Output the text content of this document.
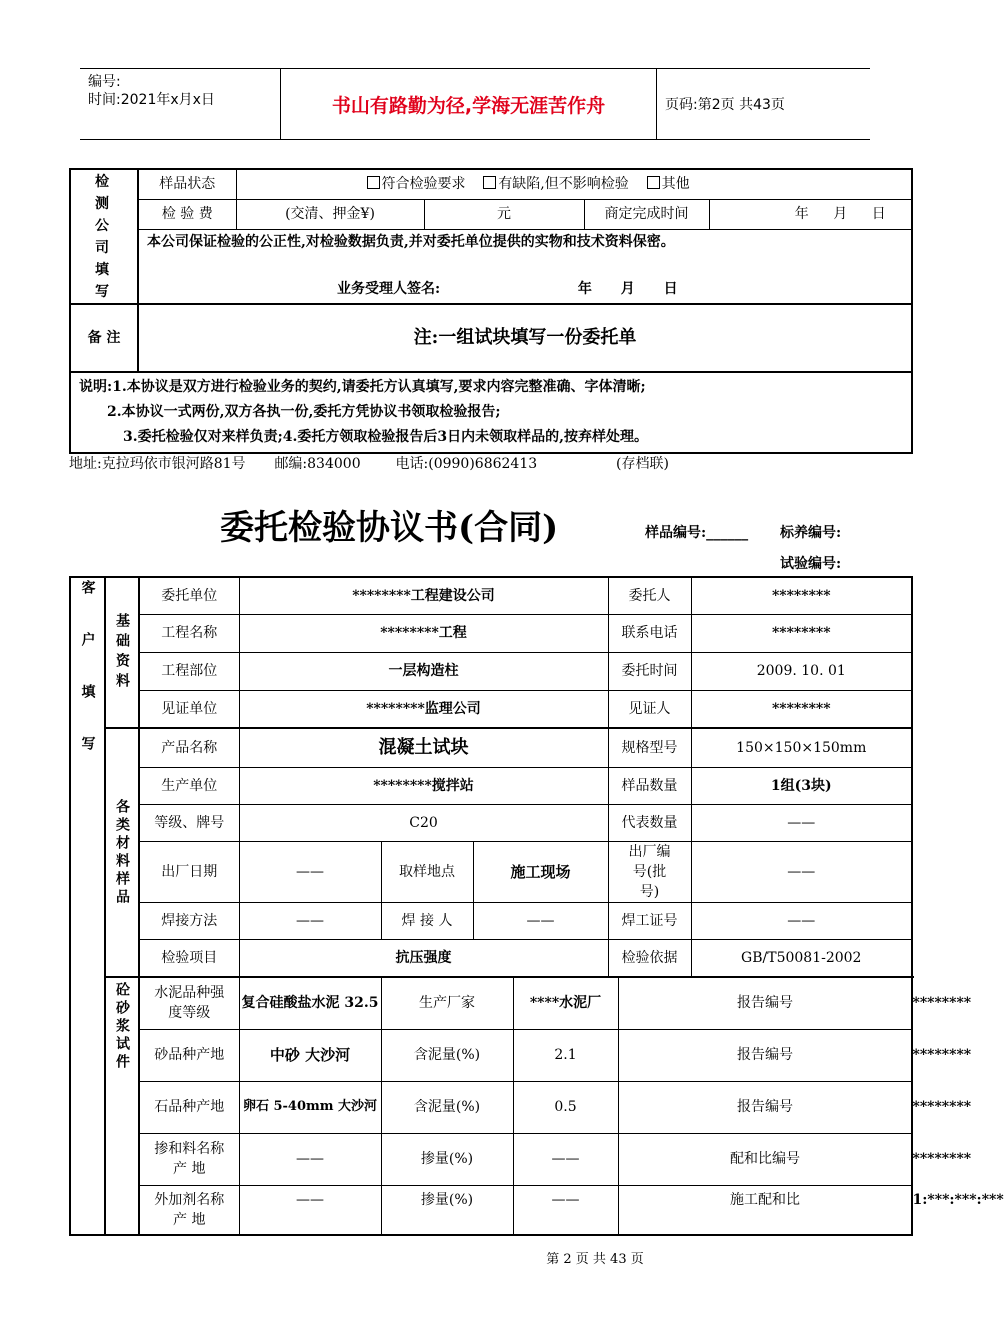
编号:
时间:2021年x月x日	书山有路勤为径,学海无涯苦作舟	页码:第2页 共43页
检测公司填写	样品状态	符合检验要求 有缺陷,但不影响检验 其他			
	检 验 费	(交清、押金¥)	元	商定完成时间	年 月 日

	本公司保证检验的公正性,对检验数据负责,并对委托单位提供的实物和技术资料保密。
业务受理人签名: 年 月 日				

备 注	注:一组试块填写一份委托单				

说明:1.本协议是双方进行检验业务的契约,请委托方认真填写,要求内容完整准确、字体清晰;
2.本协议一式两份,双方各执一份,委托方凭协议书领取检验报告;
3.委托检验仅对来样负责;4.委托方领取检验报告后3日内未领取样品的,按弃样处理。					
地址:克拉玛依市银河路81号 邮编:834000 电话:(0990)6862413	(存档联)
委托检验协议书(合同)	样品编号:______ 标养编号:
试验编号:
客户填写	基础资料	委托单位	********工程建设公司				委托人		********	
		工程名称	********工程				联系电话		********	
		工程部位	一层构造柱				委托时间		2009. 10. 01	
		见证单位	********监理公司				见证人		********	

	各类材料样品	产品名称	混凝土试块				规格型号		150×150×150mm	
		生产单位	********搅拌站				样品数量		1组(3块)	
		等级、牌号	C20				代表数量		——	
		出厂日期	——	取样地点	施工现场		出厂编号(批号)		——	
		焊接方法	——	焊 接 人	——		焊工证号		——	
		检验项目	抗压强度				检验依据		GB/T50081-2002	

	砼砂浆试件	水泥品种强度等级	复合硅酸盐水泥 32.5	生产厂家		****水泥厂		报告编号		********
		砂品种产地	中砂 大沙河	含泥量(%)		2.1		报告编号		********
		石品种产地	卵石 5-40mm 大沙河	含泥量(%)		0.5		报告编号		********
		掺和料名称产 地	——	掺量(%)		——		配和比编号		********
		外加剂名称产 地	——	掺量(%)		——		施工配和比		1:***:***:***
第 2 页 共 43 页
